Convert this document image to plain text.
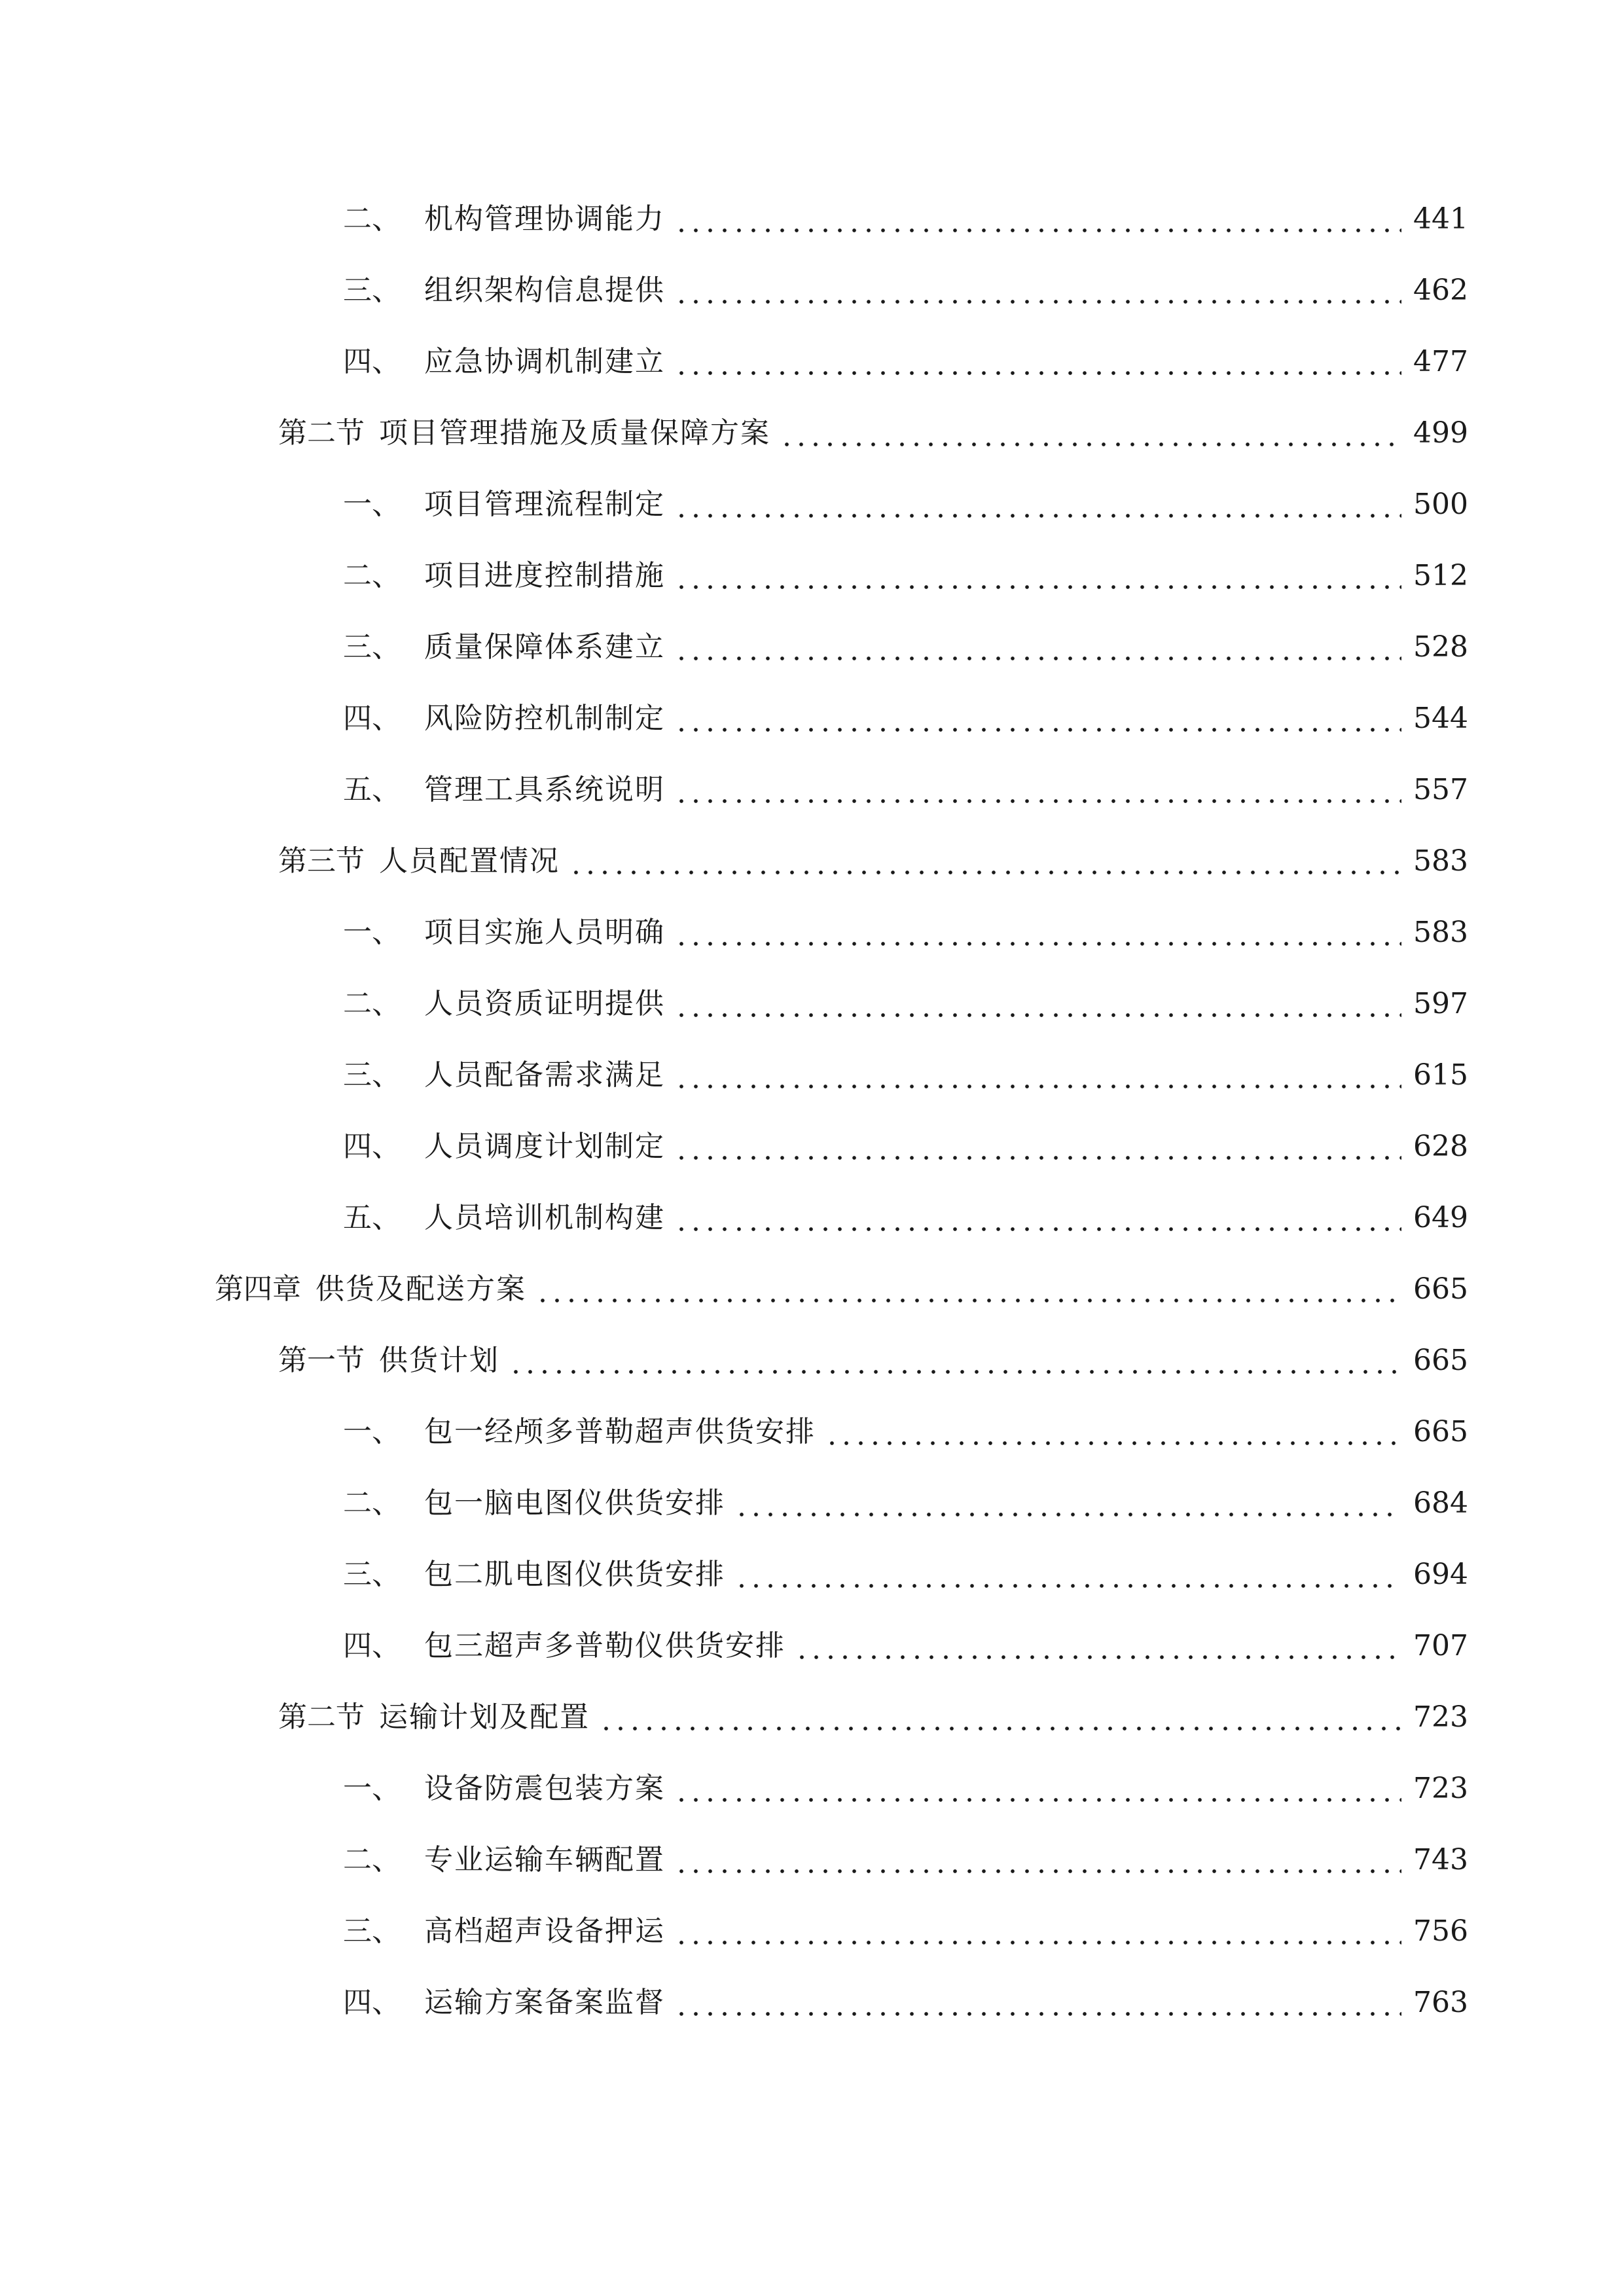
二、 机构管理协调能力	441
三、 组织架构信息提供	462
四、 应急协调机制建立	477
第二节 项目管理措施及质量保障方案	499
一、 项目管理流程制定	500
二、 项目进度控制措施	512
三、 质量保障体系建立	528
四、 风险防控机制制定	544
五、 管理工具系统说明	557
第三节 人员配置情况	583
一、 项目实施人员明确	583
二、 人员资质证明提供	597
三、 人员配备需求满足	615
四、 人员调度计划制定	628
五、 人员培训机制构建	649
第四章 供货及配送方案	665
第一节 供货计划	665
一、 包一经颅多普勒超声供货安排	665
二、 包一脑电图仪供货安排	684
三、 包二肌电图仪供货安排	694
四、 包三超声多普勒仪供货安排	707
第二节 运输计划及配置	723
一、 设备防震包装方案	723
二、 专业运输车辆配置	743
三、 高档超声设备押运	756
四、 运输方案备案监督	763
